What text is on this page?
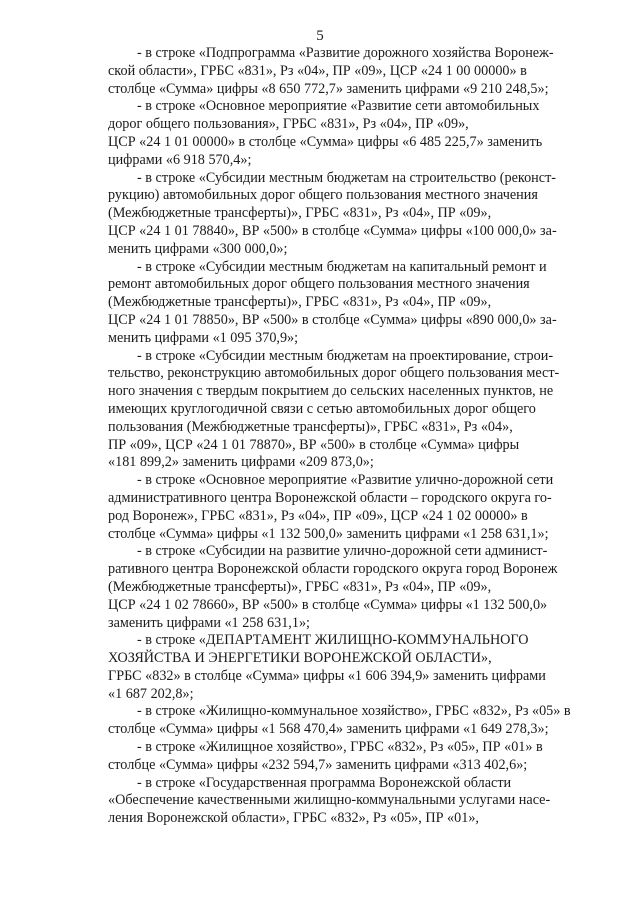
5

- в строке «Подпрограмма «Развитие дорожного хозяйства Воронеж-
ской области», ГРБС «831», Рз «04», ПР «09», ЦСР «24 1 00 00000» в
столбце «Сумма» цифры «8 650 772,7» заменить цифрами «9 210 248,5»;

- в строке «Основное мероприятие «Развитие сети автомобильных
дорог общего пользования», ГРБС «831», Рз «04», ПР «09»,
ЦСР «24 1 01 00000» в столбце «Сумма» цифры «6 485 225,7» заменить
цифрами «6 918 570,4»;

- в строке «Субсидии местным бюджетам на строительство (реконст-
рукцию) автомобильных дорог общего пользования местного значения
(Межбюджетные трансферты)», ГРБС «831», Рз «04», ПР «09»,
ЦСР «24 1 01 78840», ВР «500» в столбце «Сумма» цифры «100 000,0» за-
менить цифрами «300 000,0»;

- в строке «Субсидии местным бюджетам на капитальный ремонт и
ремонт автомобильных дорог общего пользования местного значения
(Межбюджетные трансферты)», ГРБС «831», Рз «04», ПР «09»,
ЦСР «24 1 01 78850», ВР «500» в столбце «Сумма» цифры «890 000,0» за-
менить цифрами «1 095 370,9»;

- в строке «Субсидии местным бюджетам на проектирование, строи-
тельство, реконструкцию автомобильных дорог общего пользования мест-
ного значения с твердым покрытием до сельских населенных пунктов, не
имеющих круглогодичной связи с сетью автомобильных дорог общего
пользования (Межбюджетные трансферты)», ГРБС «831», Рз «04»,
ПР «09», ЦСР «24 1 01 78870», ВР «500» в столбце «Сумма» цифры
«181 899,2» заменить цифрами «209 873,0»;

- в строке «Основное мероприятие «Развитие улично-дорожной сети
административного центра Воронежской области – городского округа го-
род Воронеж», ГРБС «831», Рз «04», ПР «09», ЦСР «24 1 02 00000» в
столбце «Сумма» цифры «1 132 500,0» заменить цифрами «1 258 631,1»;

- в строке «Субсидии на развитие улично-дорожной сети админист-
ративного центра Воронежской области городского округа город Воронеж
(Межбюджетные трансферты)», ГРБС «831», Рз «04», ПР «09»,
ЦСР «24 1 02 78660», ВР «500» в столбце «Сумма» цифры «1 132 500,0»
заменить цифрами «1 258 631,1»;

- в строке «ДЕПАРТАМЕНТ ЖИЛИЩНО-КОММУНАЛЬНОГО
ХОЗЯЙСТВА И ЭНЕРГЕТИКИ ВОРОНЕЖСКОЙ ОБЛАСТИ»,
ГРБС «832» в столбце «Сумма» цифры «1 606 394,9» заменить цифрами
«1 687 202,8»;

- в строке «Жилищно-коммунальное хозяйство», ГРБС «832», Рз «05» в
столбце «Сумма» цифры «1 568 470,4» заменить цифрами «1 649 278,3»;

- в строке «Жилищное хозяйство», ГРБС «832», Рз «05», ПР «01» в
столбце «Сумма» цифры «232 594,7» заменить цифрами «313 402,6»;

- в строке «Государственная программа Воронежской области
«Обеспечение качественными жилищно-коммунальными услугами насе-
ления Воронежской области», ГРБС «832», Рз «05», ПР «01»,
